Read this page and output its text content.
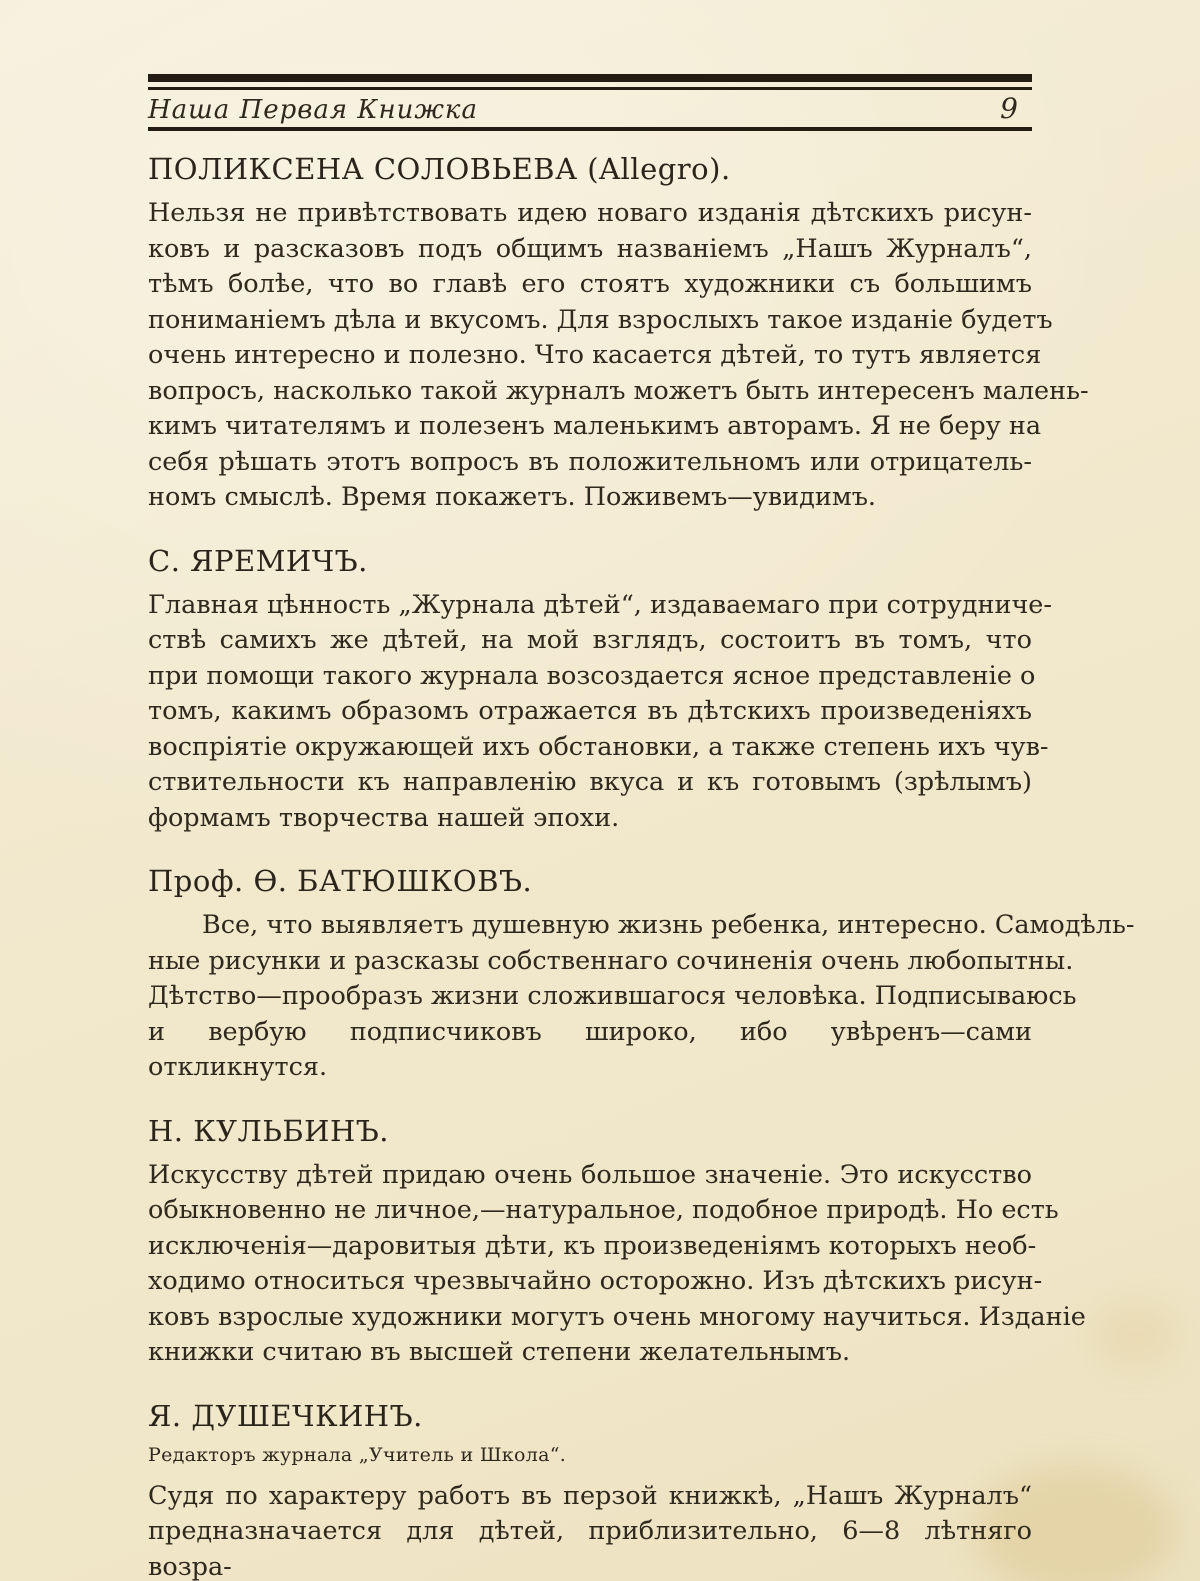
Наша Первая Книжка	9
ПОЛИКСЕНА СОЛОВЬЕВА (Allegro).
Нельзя не привѣтствовать идею новаго изданія дѣтскихъ рисун-
ковъ и разсказовъ подъ общимъ названіемъ „Нашъ Журналъ“,
тѣмъ болѣе, что во главѣ его стоятъ художники съ большимъ
пониманіемъ дѣла и вкусомъ. Для взрослыхъ такое изданіе будетъ
очень интересно и полезно. Что касается дѣтей, то тутъ является
вопросъ, насколько такой журналъ можетъ быть интересенъ малень-
кимъ читателямъ и полезенъ маленькимъ авторамъ. Я не беру на
себя рѣшать этотъ вопросъ въ положительномъ или отрицатель-
номъ смыслѣ. Время покажетъ. Поживемъ—увидимъ.
С. ЯРЕМИЧЪ.
Главная цѣнность „Журнала дѣтей“, издаваемаго при сотрудниче-
ствѣ самихъ же дѣтей, на мой взглядъ, состоитъ въ томъ, что
при помощи такого журнала возсоздается ясное представленіе о
томъ, какимъ образомъ отражается въ дѣтскихъ произведеніяхъ
воспріятіе окружающей ихъ обстановки, а также степень ихъ чув-
ствительности къ направленію вкуса и къ готовымъ (зрѣлымъ)
формамъ творчества нашей эпохи.
Проф. Ѳ. БАТЮШКОВЪ.
Все, что выявляетъ душевную жизнь ребенка, интересно. Самодѣль-
ные рисунки и разсказы собственнаго сочиненія очень любопытны.
Дѣтство—прообразъ жизни сложившагося человѣка. Подписываюсь
и вербую подписчиковъ широко, ибо увѣренъ—сами откликнутся.
Н. КУЛЬБИНЪ.
Искусству дѣтей придаю очень большое значеніе. Это искусство
обыкновенно не личное,—натуральное, подобное природѣ. Но есть
исключенія—даровитыя дѣти, къ произведеніямъ которыхъ необ-
ходимо относиться чрезвычайно осторожно. Изъ дѣтскихъ рисун-
ковъ взрослые художники могутъ очень многому научиться. Изданіе
книжки считаю въ высшей степени желательнымъ.
Я. ДУШЕЧКИНЪ.
Редакторъ журнала „Учитель и Школа“.
Судя по характеру работъ въ перзой книжкѣ, „Нашъ Журналъ“
предназначается для дѣтей, приблизительно, 6—8 лѣтняго возра-
